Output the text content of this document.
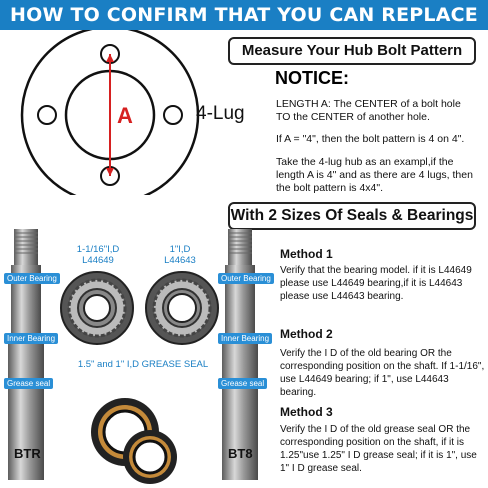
HOW TO CONFIRM THAT YOU CAN REPLACE
A	4-Lug
Measure Your Hub Bolt Pattern
NOTICE:
LENGTH A: The CENTER of a bolt hole TO the CENTER of another hole.
If A = "4", then the bolt pattern is 4 on 4".
Take the 4-lug hub as an exampl,if the length A is 4" and as there are 4 lugs, then the bolt pattern is 4x4".
With 2 Sizes Of Seals & Bearings
1-1/16"I,D
L44649
1"I,D
L44643
1.5" and 1" I,D GREASE SEAL
Outer Bearing
Inner Bearing
Grease seal
Outer Bearing
Inner Bearing
Grease seal
BTR	BT8
Method 1
Verify that the bearing model. if it is L44649 please use L44649 bearing,if it is L44643 please use L44643 bearing.
Method 2
Verify the I D of the old bearing OR the corresponding position on the shaft. If 1-1/16", use L44649 bearing; if 1", use L44643 bearing.
Method 3
Verify the I D of the old grease seal OR the corresponding position on the shaft, if it is 1.25"use 1.25" I D grease seal; if it is 1", use 1" I D grease seal.
